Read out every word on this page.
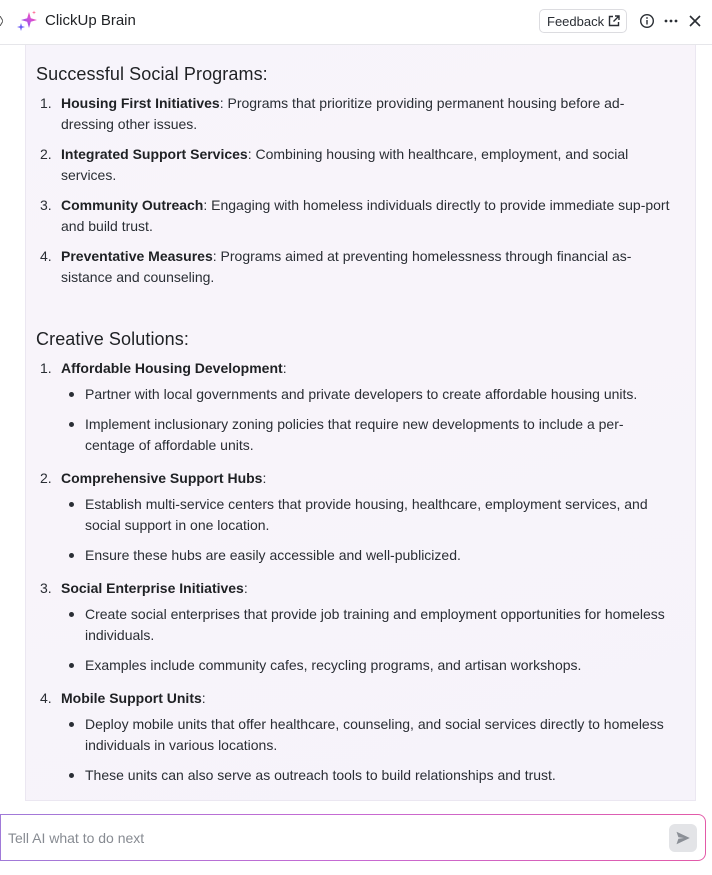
ClickUp Brain	Feedback
Successful Social Programs:
1. Housing First Initiatives: Programs that prioritize providing permanent housing before ad-dressing other issues.

2. Integrated Support Services: Combining housing with healthcare, employment, and social services.

3. Community Outreach: Engaging with homeless individuals directly to provide immediate sup-port and build trust.

4. Preventative Measures: Programs aimed at preventing homelessness through financial as-sistance and counseling.

Creative Solutions:
1. Affordable Housing Development:

Partner with local governments and private developers to create affordable housing units.

Implement inclusionary zoning policies that require new developments to include a per-centage of affordable units.

2. Comprehensive Support Hubs:

Establish multi-service centers that provide housing, healthcare, employment services, and social support in one location.

Ensure these hubs are easily accessible and well-publicized.

3. Social Enterprise Initiatives:

Create social enterprises that provide job training and employment opportunities for homeless individuals.

Examples include community cafes, recycling programs, and artisan workshops.

4. Mobile Support Units:

Deploy mobile units that offer healthcare, counseling, and social services directly to homeless individuals in various locations.

These units can also serve as outreach tools to build relationships and trust.

Tell AI what to do next
